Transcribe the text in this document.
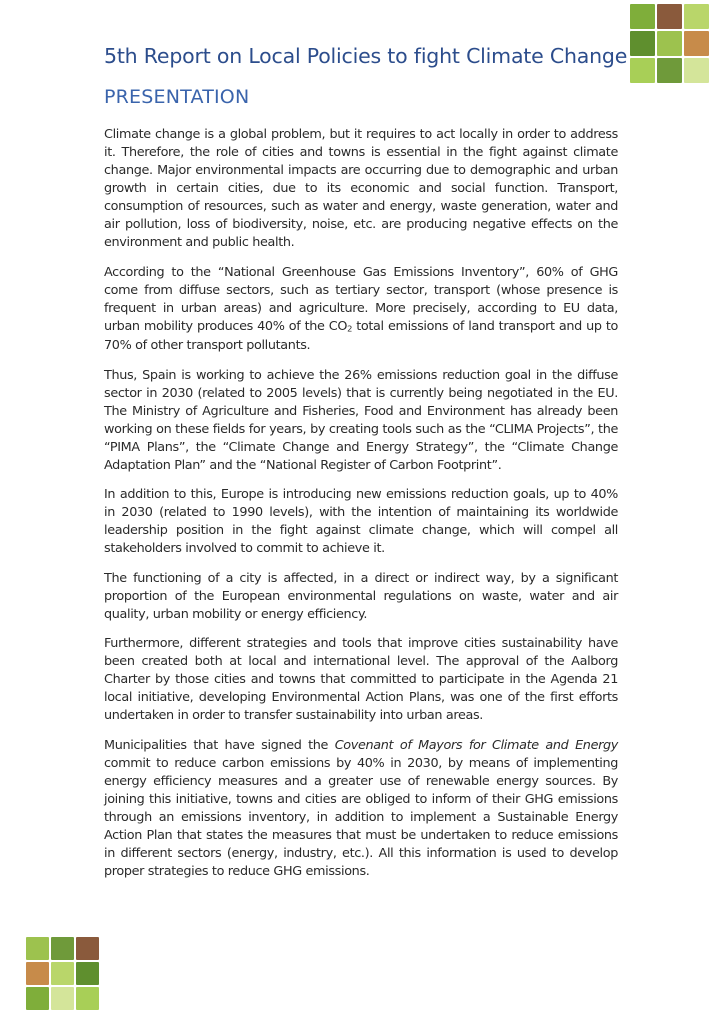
5th Report on Local Policies to fight Climate Change
PRESENTATION

Climate change is a global problem, but it requires to act locally in order to address it. Therefore, the role of cities and towns is essential in the fight against climate change. Major environmental impacts are occurring due to demographic and urban growth in certain cities, due to its economic and social function. Transport, consumption of resources, such as water and energy, waste generation, water and air pollution, loss of biodiversity, noise, etc. are producing negative effects on the environment and public health.

According to the “National Greenhouse Gas Emissions Inventory”, 60% of GHG come from diffuse sectors, such as tertiary sector, transport (whose presence is frequent in urban areas) and agriculture. More precisely, according to EU data, urban mobility produces 40% of the $CO_2$ total emissions of land transport and up to 70% of other transport pollutants.

Thus, Spain is working to achieve the 26% emissions reduction goal in the diffuse sector in 2030 (related to 2005 levels) that is currently being negotiated in the EU. The Ministry of Agriculture and Fisheries, Food and Environment has already been working on these fields for years, by creating tools such as the “CLIMA Projects”, the “PIMA Plans”, the “Climate Change and Energy Strategy”, the “Climate Change Adaptation Plan” and the “National Register of Carbon Footprint”.

In addition to this, Europe is introducing new emissions reduction goals, up to 40% in 2030 (related to 1990 levels), with the intention of maintaining its worldwide leadership position in the fight against climate change, which will compel all stakeholders involved to commit to achieve it.

The functioning of a city is affected, in a direct or indirect way, by a significant proportion of the European environmental regulations on waste, water and air quality, urban mobility or energy efficiency.

Furthermore, different strategies and tools that improve cities sustainability have been created both at local and international level. The approval of the Aalborg Charter by those cities and towns that committed to participate in the Agenda 21 local initiative, developing Environmental Action Plans, was one of the first efforts undertaken in order to transfer sustainability into urban areas.

Municipalities that have signed the Covenant of Mayors for Climate and Energy commit to reduce carbon emissions by 40% in 2030, by means of implementing energy efficiency measures and a greater use of renewable energy sources. By joining this initiative, towns and cities are obliged to inform of their GHG emissions through an emissions inventory, in addition to implement a Sustainable Energy Action Plan that states the measures that must be undertaken to reduce emissions in different sectors (energy, industry, etc.). All this information is used to develop proper strategies to reduce GHG emissions.
